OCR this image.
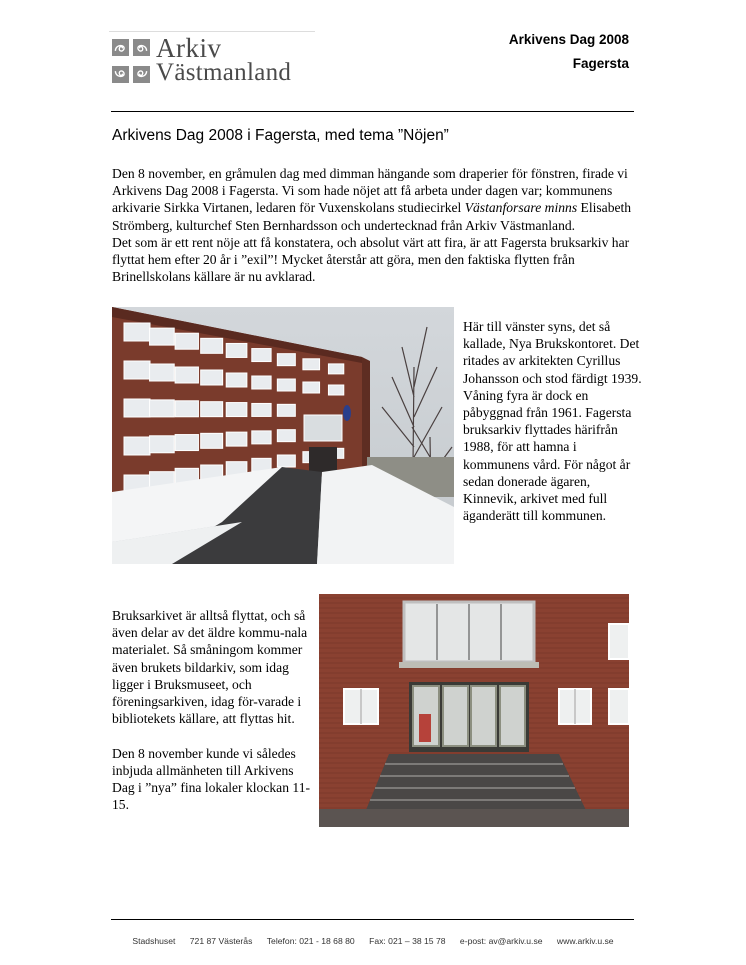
Arkiv
Västmanland
Arkivens Dag 2008
Fagersta
Arkivens Dag 2008 i Fagersta, med tema ”Nöjen”

Den 8 november, en gråmulen dag med dimman hängande som draperier för fönstren, firade vi Arkivens Dag 2008 i Fagersta. Vi som hade nöjet att få arbeta under dagen var; kommunens arkivarie Sirkka Virtanen, ledaren för Vuxenskolans studiecirkel Västanforsare minns Elisabeth Strömberg, kulturchef Sten Bernhardsson och undertecknad från Arkiv Västmanland.

Det som är ett rent nöje att få konstatera, och absolut värt att fira, är att Fagersta bruksarkiv har flyttat hem efter 20 år i ”exil”! Mycket återstår att göra, men den faktiska flytten från Brinellskolans källare är nu avklarad.

Här till vänster syns, det så kallade, Nya Brukskontoret. Det ritades av arkitekten Cyrillus Johansson och stod färdigt 1939. Våning fyra är dock en påbyggnad från 1961. Fagersta bruksarkiv flyttades härifrån 1988, för att hamna i kommunens vård. För något år sedan donerade ägaren, Kinnevik, arkivet med full äganderätt till kommunen.

Bruksarkivet är alltså flyttat, och så även delar av det äldre kommu-nala materialet. Så småningom kommer även brukets bildarkiv, som idag ligger i Bruksmuseet, och föreningsarkiven, idag för-varade i bibliotekets källare, att flyttas hit.

Den 8 november kunde vi således inbjuda allmänheten till Arkivens Dag i ”nya” fina lokaler klockan 11-15.

Stadshuset 721 87 Västerås Telefon: 021 - 18 68 80 Fax: 021 – 38 15 78 e-post: av@arkiv.u.se www.arkiv.u.se
